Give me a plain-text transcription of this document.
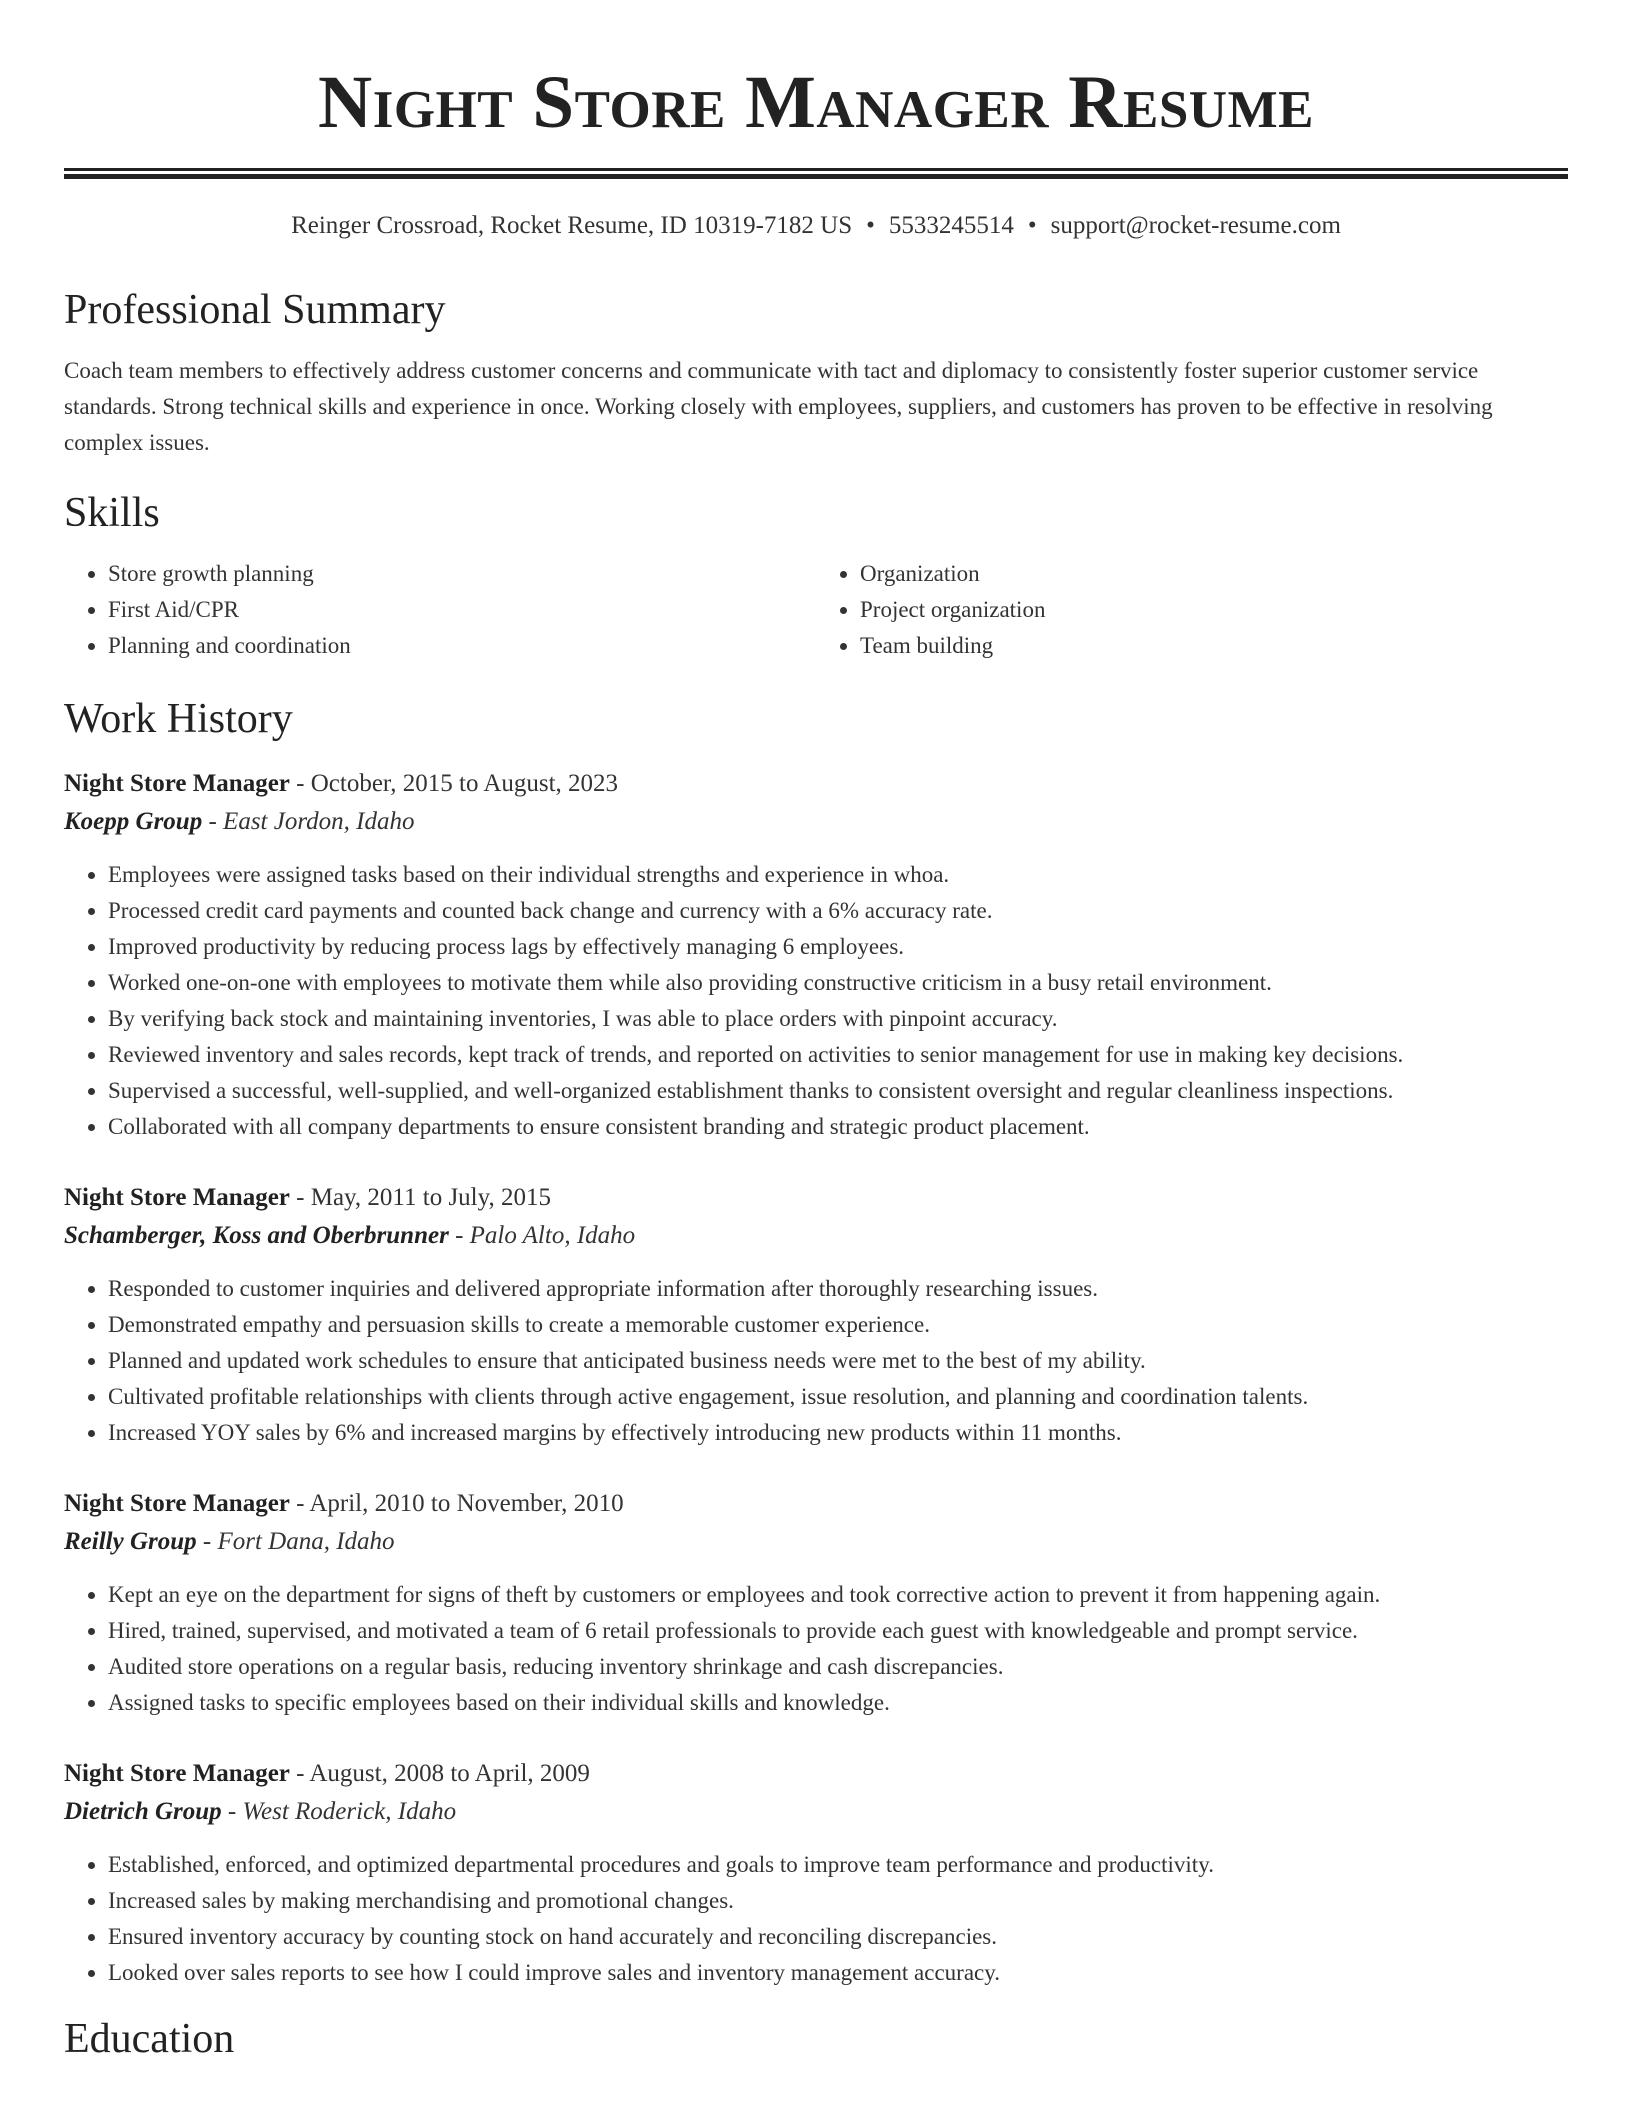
Night Store Manager Resume
Reinger Crossroad, Rocket Resume, ID 10319-7182 US • 5533245514 • support@rocket-resume.com
Professional Summary

Coach team members to effectively address customer concerns and communicate with tact and diplomacy to consistently foster superior customer service standards. Strong technical skills and experience in once. Working closely with employees, suppliers, and customers has proven to be effective in resolving complex issues.

Skills
• Store growth planning
• First Aid/CPR
• Planning and coordination
• Organization
• Project organization
• Team building
Work History
Night Store Manager - October, 2015 to August, 2023
Koepp Group - East Jordon, Idaho
• Employees were assigned tasks based on their individual strengths and experience in whoa.
• Processed credit card payments and counted back change and currency with a 6% accuracy rate.
• Improved productivity by reducing process lags by effectively managing 6 employees.
• Worked one-on-one with employees to motivate them while also providing constructive criticism in a busy retail environment.
• By verifying back stock and maintaining inventories, I was able to place orders with pinpoint accuracy.
• Reviewed inventory and sales records, kept track of trends, and reported on activities to senior management for use in making key decisions.
• Supervised a successful, well-supplied, and well-organized establishment thanks to consistent oversight and regular cleanliness inspections.
• Collaborated with all company departments to ensure consistent branding and strategic product placement.
Night Store Manager - May, 2011 to July, 2015
Schamberger, Koss and Oberbrunner - Palo Alto, Idaho
• Responded to customer inquiries and delivered appropriate information after thoroughly researching issues.
• Demonstrated empathy and persuasion skills to create a memorable customer experience.
• Planned and updated work schedules to ensure that anticipated business needs were met to the best of my ability.
• Cultivated profitable relationships with clients through active engagement, issue resolution, and planning and coordination talents.
• Increased YOY sales by 6% and increased margins by effectively introducing new products within 11 months.
Night Store Manager - April, 2010 to November, 2010
Reilly Group - Fort Dana, Idaho
• Kept an eye on the department for signs of theft by customers or employees and took corrective action to prevent it from happening again.
• Hired, trained, supervised, and motivated a team of 6 retail professionals to provide each guest with knowledgeable and prompt service.
• Audited store operations on a regular basis, reducing inventory shrinkage and cash discrepancies.
• Assigned tasks to specific employees based on their individual skills and knowledge.
Night Store Manager - August, 2008 to April, 2009
Dietrich Group - West Roderick, Idaho
• Established, enforced, and optimized departmental procedures and goals to improve team performance and productivity.
• Increased sales by making merchandising and promotional changes.
• Ensured inventory accuracy by counting stock on hand accurately and reconciling discrepancies.
• Looked over sales reports to see how I could improve sales and inventory management accuracy.
Education
